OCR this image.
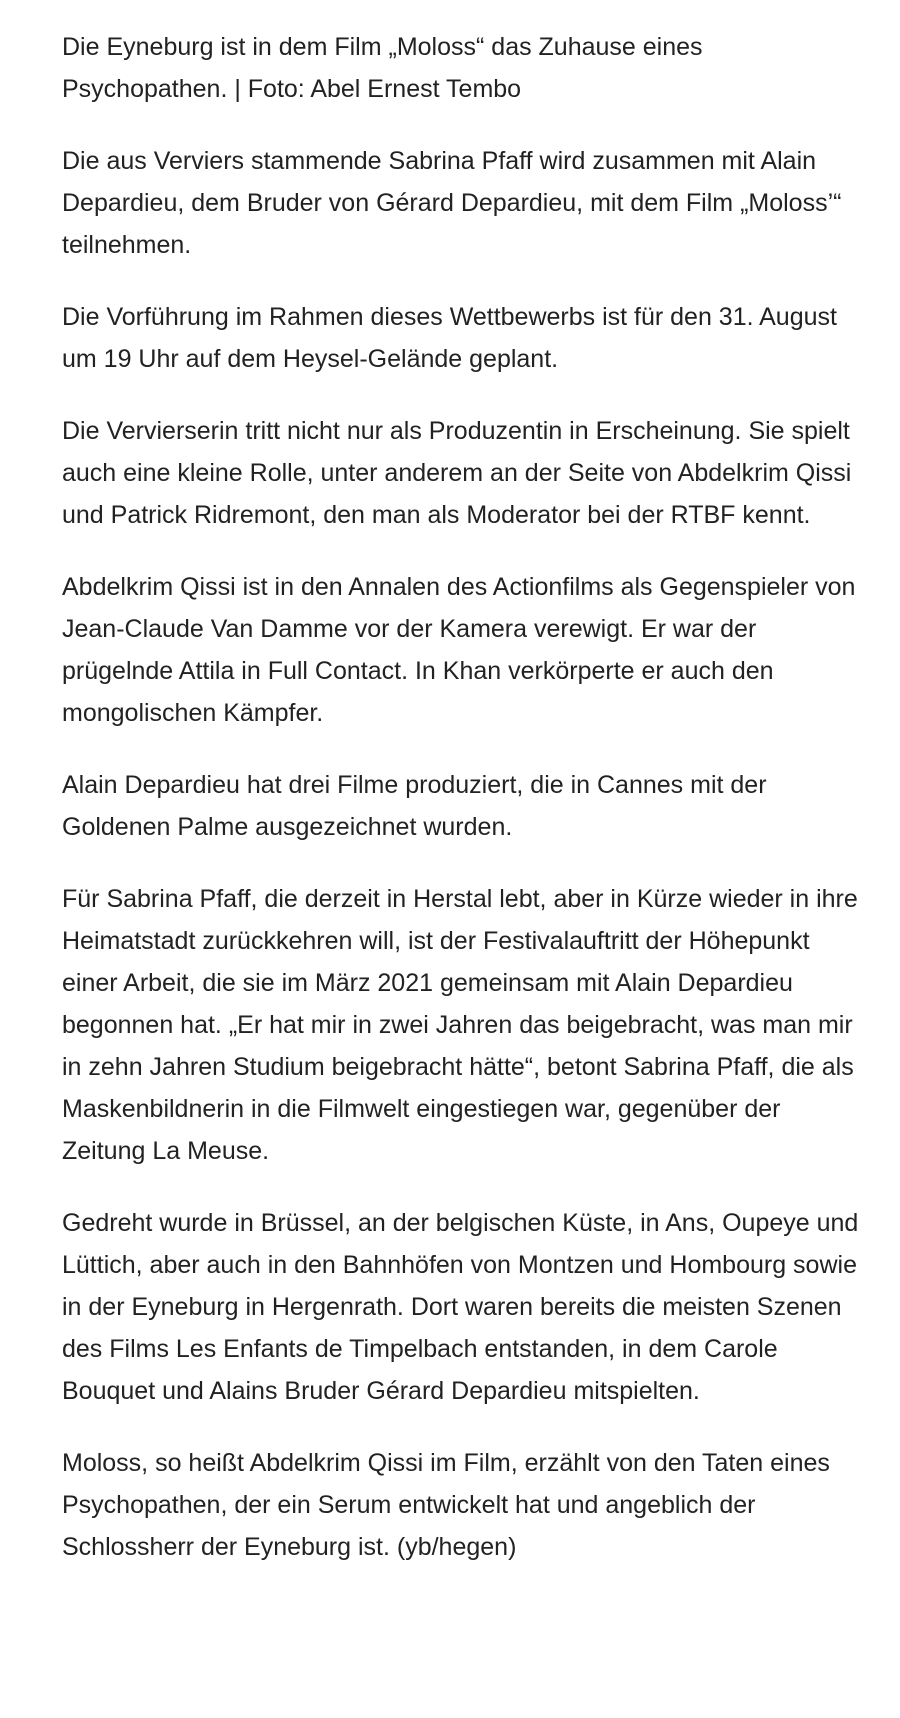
Die Eyneburg ist in dem Film „Moloss“ das Zuhause eines Psychopathen. | Foto: Abel Ernest Tembo

Die aus Verviers stammende Sabrina Pfaff wird zusammen mit Alain Depardieu, dem Bruder von Gérard Depardieu, mit dem Film „Moloss’“ teilnehmen.

Die Vorführung im Rahmen dieses Wettbewerbs ist für den 31. August um 19 Uhr auf dem Heysel-Gelände geplant.

Die Vervierserin tritt nicht nur als Produzentin in Erscheinung. Sie spielt auch eine kleine Rolle, unter anderem an der Seite von Abdelkrim Qissi und Patrick Ridremont, den man als Moderator bei der RTBF kennt.

Abdelkrim Qissi ist in den Annalen des Actionfilms als Gegenspieler von Jean-Claude Van Damme vor der Kamera verewigt. Er war der prügelnde Attila in Full Contact. In Khan verkörperte er auch den mongolischen Kämpfer.

Alain Depardieu hat drei Filme produziert, die in Cannes mit der Goldenen Palme ausgezeichnet wurden.

Für Sabrina Pfaff, die derzeit in Herstal lebt, aber in Kürze wieder in ihre Heimatstadt zurückkehren will, ist der Festivalauftritt der Höhepunkt einer Arbeit, die sie im März 2021 gemeinsam mit Alain Depardieu begonnen hat. „Er hat mir in zwei Jahren das beigebracht, was man mir in zehn Jahren Studium beigebracht hätte“, betont Sabrina Pfaff, die als Maskenbildnerin in die Filmwelt eingestiegen war, gegenüber der Zeitung La Meuse.

Gedreht wurde in Brüssel, an der belgischen Küste, in Ans, Oupeye und Lüttich, aber auch in den Bahnhöfen von Montzen und Hombourg sowie in der Eyneburg in Hergenrath. Dort waren bereits die meisten Szenen des Films Les Enfants de Timpelbach entstanden, in dem Carole Bouquet und Alains Bruder Gérard Depardieu mitspielten.

Moloss, so heißt Abdelkrim Qissi im Film, erzählt von den Taten eines Psychopathen, der ein Serum entwickelt hat und angeblich der Schlossherr der Eyneburg ist. (yb/hegen)
